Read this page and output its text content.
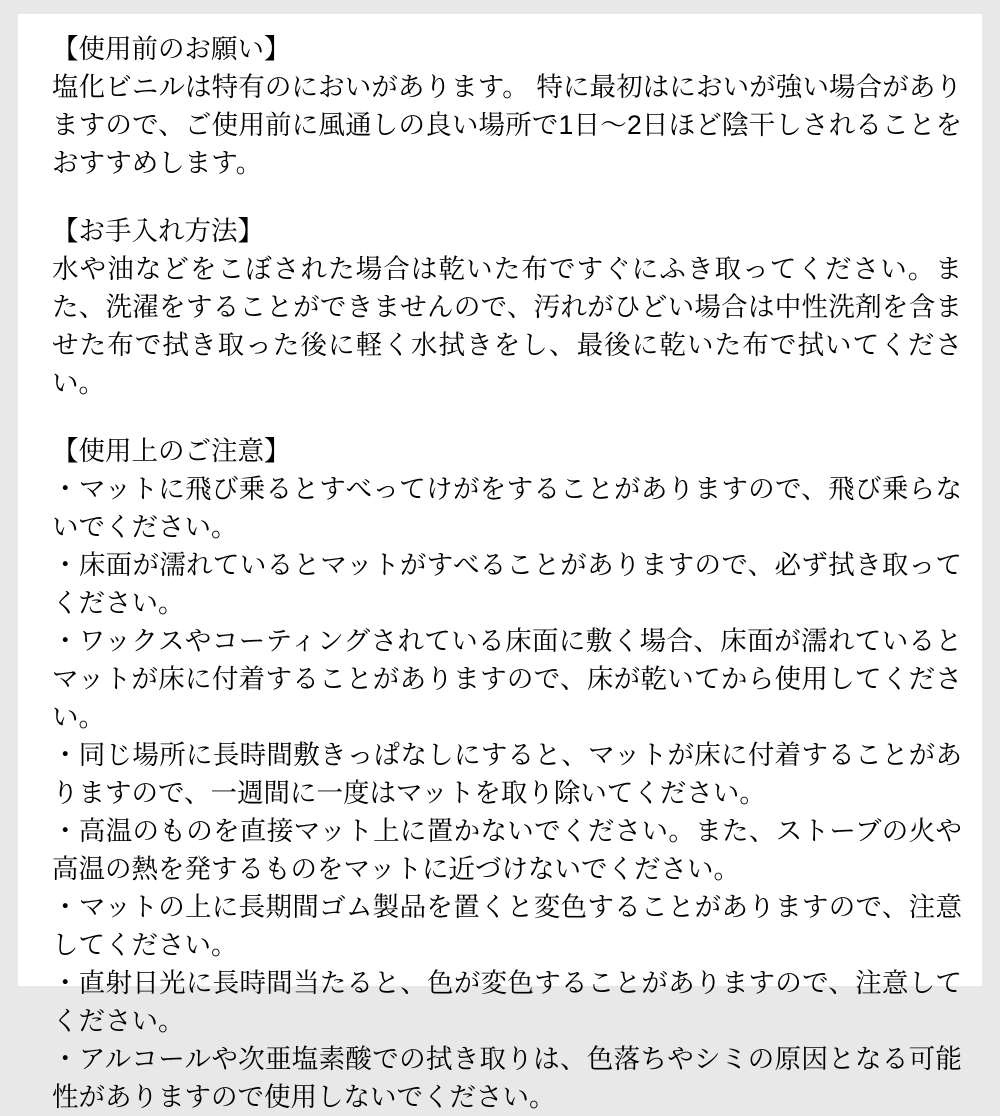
【使用前のお願い】

塩化ビニルは特有のにおいがあります。 特に最初はにおいが強い場合がありますので、ご使用前に風通しの良い場所で1日〜2日ほど陰干しされることをおすすめします。

【お手入れ方法】

水や油などをこぼされた場合は乾いた布ですぐにふき取ってください。また、洗濯をすることができませんので、汚れがひどい場合は中性洗剤を含ませた布で拭き取った後に軽く水拭きをし、最後に乾いた布で拭いてください。

【使用上のご注意】

・マットに飛び乗るとすべってけがをすることがありますので、飛び乗らないでください。

・床面が濡れているとマットがすべることがありますので、必ず拭き取ってください。

・ワックスやコーティングされている床面に敷く場合、床面が濡れているとマットが床に付着することがありますので、床が乾いてから使用してください。

・同じ場所に長時間敷きっぱなしにすると、マットが床に付着することがありますので、一週間に一度はマットを取り除いてください。

・高温のものを直接マット上に置かないでください。また、ストーブの火や高温の熱を発するものをマットに近づけないでください。

・マットの上に長期間ゴム製品を置くと変色することがありますので、注意してください。

・直射日光に長時間当たると、色が変色することがありますので、注意してください。

・アルコールや次亜塩素酸での拭き取りは、色落ちやシミの原因となる可能性がありますので使用しないでください。
